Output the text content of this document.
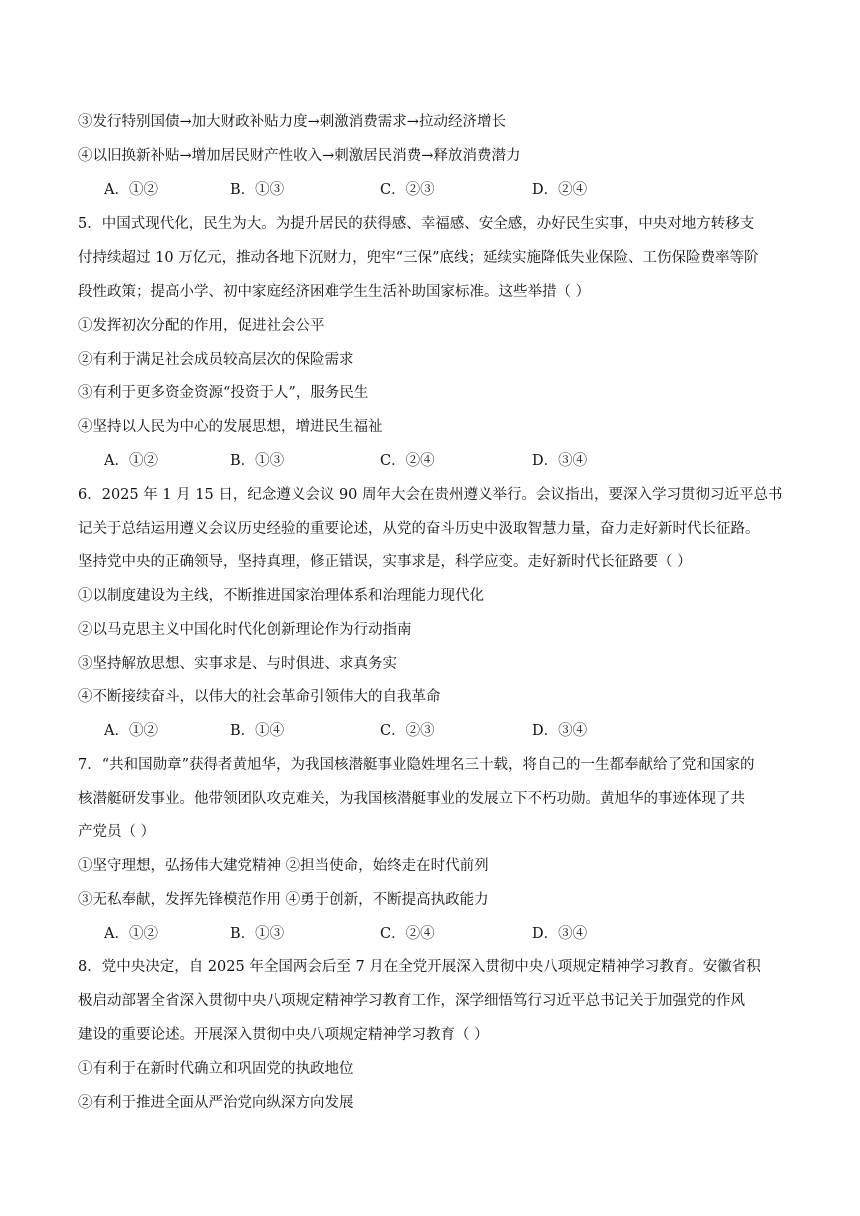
③发行特别国债→加大财政补贴力度→刺激消费需求→拉动经济增长
④以旧换新补贴→增加居民财产性收入→刺激居民消费→释放消费潜力
A．①②	B．①③	C．②③	D．②④
5．中国式现代化，民生为大。为提升居民的获得感、幸福感、安全感，办好民生实事，中央对地方转移支
付持续超过 10 万亿元，推动各地下沉财力，兜牢“三保”底线；延续实施降低失业保险、工伤保险费率等阶
段性政策；提高小学、初中家庭经济困难学生生活补助国家标准。这些举措（ ）
①发挥初次分配的作用，促进社会公平
②有利于满足社会成员较高层次的保险需求
③有利于更多资金资源“投资于人”，服务民生
④坚持以人民为中心的发展思想，增进民生福祉
A．①②	B．①③	C．②④	D．③④
6．2025 年 1 月 15 日，纪念遵义会议 90 周年大会在贵州遵义举行。会议指出，要深入学习贯彻习近平总书
记关于总结运用遵义会议历史经验的重要论述，从党的奋斗历史中汲取智慧力量，奋力走好新时代长征路。
坚持党中央的正确领导，坚持真理，修正错误，实事求是，科学应变。走好新时代长征路要（ ）
①以制度建设为主线，不断推进国家治理体系和治理能力现代化
②以马克思主义中国化时代化创新理论作为行动指南
③坚持解放思想、实事求是、与时俱进、求真务实
④不断接续奋斗，以伟大的社会革命引领伟大的自我革命
A．①②	B．①④	C．②③	D．③④
7．“共和国勋章”获得者黄旭华，为我国核潜艇事业隐姓埋名三十载，将自己的一生都奉献给了党和国家的
核潜艇研发事业。他带领团队攻克难关，为我国核潜艇事业的发展立下不朽功勋。黄旭华的事迹体现了共
产党员（ ）
①坚守理想，弘扬伟大建党精神 ②担当使命，始终走在时代前列
③无私奉献，发挥先锋模范作用 ④勇于创新，不断提高执政能力
A．①②	B．①③	C．②④	D．③④
8．党中央决定，自 2025 年全国两会后至 7 月在全党开展深入贯彻中央八项规定精神学习教育。安徽省积
极启动部署全省深入贯彻中央八项规定精神学习教育工作，深学细悟笃行习近平总书记关于加强党的作风
建设的重要论述。开展深入贯彻中央八项规定精神学习教育（ ）
①有利于在新时代确立和巩固党的执政地位
②有利于推进全面从严治党向纵深方向发展
